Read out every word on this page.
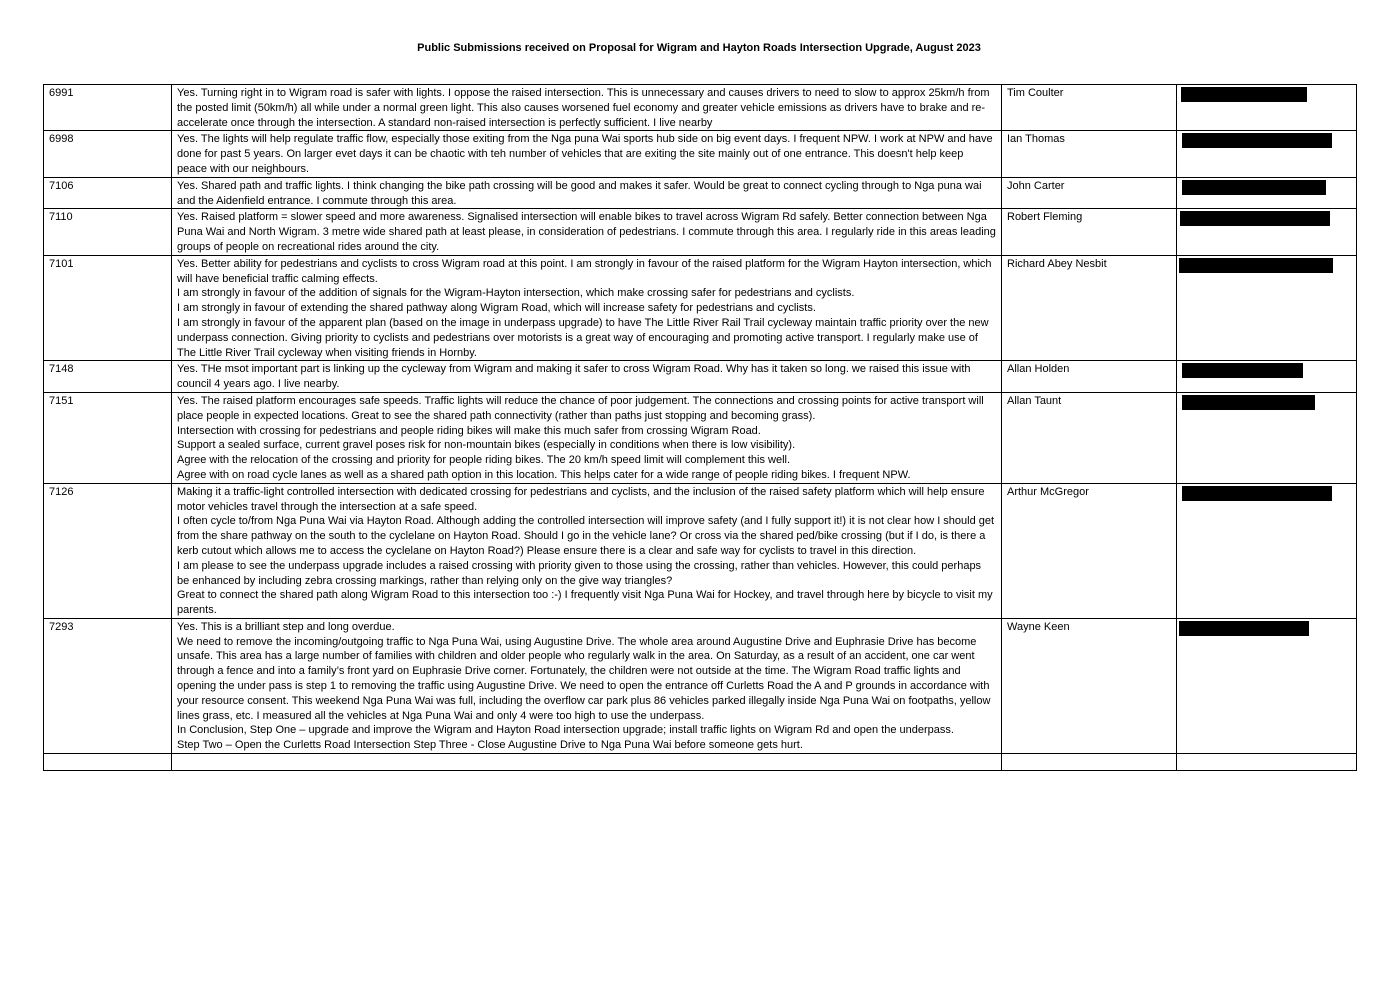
Public Submissions received on Proposal for Wigram and Hayton Roads Intersection Upgrade, August 2023
6991	Yes. Turning right in to Wigram road is safer with lights. I oppose the raised intersection. This is unnecessary and causes drivers to need to slow to approx 25km/h from the posted limit (50km/h) all while under a normal green light. This also causes worsened fuel economy and greater vehicle emissions as drivers have to brake and re-accelerate once through the intersection. A standard non-raised intersection is perfectly sufficient. I live nearby	Tim Coulter	

6998	Yes. The lights will help regulate traffic flow, especially those exiting from the Nga puna Wai sports hub side on big event days. I frequent NPW. I work at NPW and have done for past 5 years. On larger evet days it can be chaotic with teh number of vehicles that are exiting the site mainly out of one entrance. This doesn't help keep peace with our neighbours.	Ian Thomas	

7106	Yes. Shared path and traffic lights. I think changing the bike path crossing will be good and makes it safer. Would be great to connect cycling through to Nga puna wai and the Aidenfield entrance. I commute through this area.	John Carter	

7110	Yes. Raised platform = slower speed and more awareness. Signalised intersection will enable bikes to travel across Wigram Rd safely. Better connection between Nga Puna Wai and North Wigram. 3 metre wide shared path at least please, in consideration of pedestrians. I commute through this area. I regularly ride in this areas leading groups of people on recreational rides around the city.	Robert Fleming	

7101	Yes. Better ability for pedestrians and cyclists to cross Wigram road at this point. I am strongly in favour of the raised platform for the Wigram Hayton intersection, which will have beneficial traffic calming effects.
I am strongly in favour of the addition of signals for the Wigram-Hayton intersection, which make crossing safer for pedestrians and cyclists.
I am strongly in favour of extending the shared pathway along Wigram Road, which will increase safety for pedestrians and cyclists.
I am strongly in favour of the apparent plan (based on the image in underpass upgrade) to have The Little River Rail Trail cycleway maintain traffic priority over the new underpass connection. Giving priority to cyclists and pedestrians over motorists is a great way of encouraging and promoting active transport. I regularly make use of The Little River Trail cycleway when visiting friends in Hornby.	Richard Abey Nesbit	

7148	Yes. THe msot important part is linking up the cycleway from Wigram and making it safer to cross Wigram Road. Why has it taken so long. we raised this issue with council 4 years ago. I live nearby.	Allan Holden	

7151	Yes. The raised platform encourages safe speeds. Traffic lights will reduce the chance of poor judgement. The connections and crossing points for active transport will place people in expected locations. Great to see the shared path connectivity (rather than paths just stopping and becoming grass).
Intersection with crossing for pedestrians and people riding bikes will make this much safer from crossing Wigram Road.
Support a sealed surface, current gravel poses risk for non-mountain bikes (especially in conditions when there is low visibility).
Agree with the relocation of the crossing and priority for people riding bikes. The 20 km/h speed limit will complement this well.
Agree with on road cycle lanes as well as a shared path option in this location. This helps cater for a wide range of people riding bikes. I frequent NPW.	Allan Taunt	

7126	Making it a traffic-light controlled intersection with dedicated crossing for pedestrians and cyclists, and the inclusion of the raised safety platform which will help ensure motor vehicles travel through the intersection at a safe speed.
I often cycle to/from Nga Puna Wai via Hayton Road. Although adding the controlled intersection will improve safety (and I fully support it!) it is not clear how I should get from the share pathway on the south to the cyclelane on Hayton Road. Should I go in the vehicle lane? Or cross via the shared ped/bike crossing (but if I do, is there a kerb cutout which allows me to access the cyclelane on Hayton Road?) Please ensure there is a clear and safe way for cyclists to travel in this direction.
I am please to see the underpass upgrade includes a raised crossing with priority given to those using the crossing, rather than vehicles. However, this could perhaps be enhanced by including zebra crossing markings, rather than relying only on the give way triangles?
Great to connect the shared path along Wigram Road to this intersection too :-) I frequently visit Nga Puna Wai for Hockey, and travel through here by bicycle to visit my parents.	Arthur McGregor	

7293	Yes. This is a brilliant step and long overdue.
We need to remove the incoming/outgoing traffic to Nga Puna Wai, using Augustine Drive. The whole area around Augustine Drive and Euphrasie Drive has become unsafe. This area has a large number of families with children and older people who regularly walk in the area. On Saturday, as a result of an accident, one car went through a fence and into a family’s front yard on Euphrasie Drive corner. Fortunately, the children were not outside at the time. The Wigram Road traffic lights and opening the under pass is step 1 to removing the traffic using Augustine Drive. We need to open the entrance off Curletts Road the A and P grounds in accordance with your resource consent. This weekend Nga Puna Wai was full, including the overflow car park plus 86 vehicles parked illegally inside Nga Puna Wai on footpaths, yellow lines grass, etc. I measured all the vehicles at Nga Puna Wai and only 4 were too high to use the underpass.
In Conclusion, Step One – upgrade and improve the Wigram and Hayton Road intersection upgrade; install traffic lights on Wigram Rd and open the underpass.
Step Two – Open the Curletts Road Intersection Step Three - Close Augustine Drive to Nga Puna Wai before someone gets hurt.	Wayne Keen	
